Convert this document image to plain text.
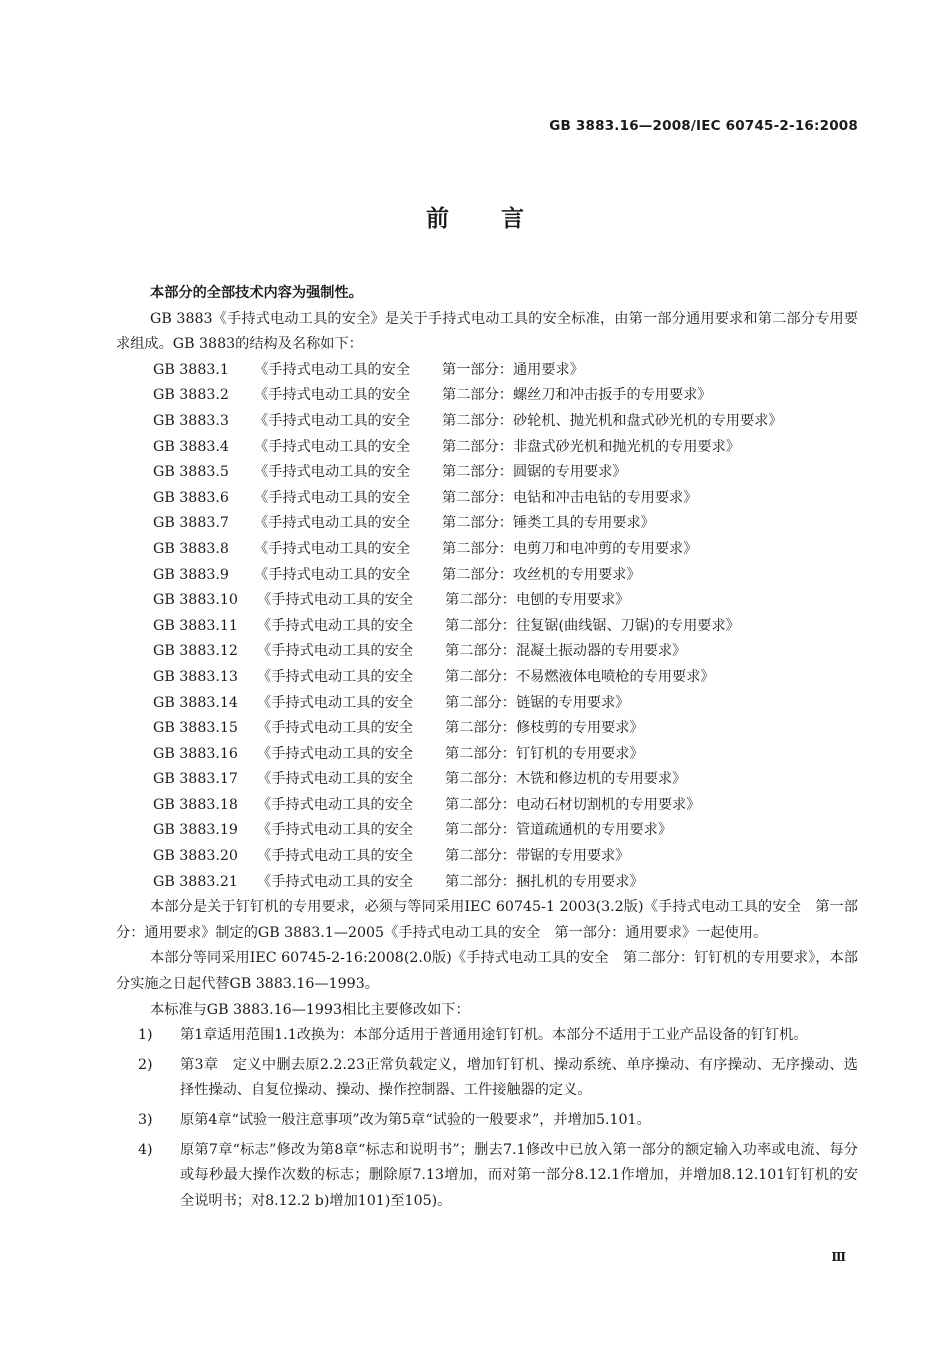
GB 3883.16—2008/IEC 60745-2-16:2008
前言

本部分的全部技术内容为强制性。

GB 3883《手持式电动工具的安全》是关于手持式电动工具的安全标准，由第一部分通用要求和第二部分专用要求组成。GB 3883的结构及名称如下：

GB 3883.1	《手持式电动工具的安全	第一部分：通用要求》
GB 3883.2	《手持式电动工具的安全	第二部分：螺丝刀和冲击扳手的专用要求》
GB 3883.3	《手持式电动工具的安全	第二部分：砂轮机、抛光机和盘式砂光机的专用要求》
GB 3883.4	《手持式电动工具的安全	第二部分：非盘式砂光机和抛光机的专用要求》
GB 3883.5	《手持式电动工具的安全	第二部分：圆锯的专用要求》
GB 3883.6	《手持式电动工具的安全	第二部分：电钻和冲击电钻的专用要求》
GB 3883.7	《手持式电动工具的安全	第二部分：锤类工具的专用要求》
GB 3883.8	《手持式电动工具的安全	第二部分：电剪刀和电冲剪的专用要求》
GB 3883.9	《手持式电动工具的安全	第二部分：攻丝机的专用要求》
GB 3883.10	《手持式电动工具的安全	第二部分：电刨的专用要求》
GB 3883.11	《手持式电动工具的安全	第二部分：往复锯(曲线锯、刀锯)的专用要求》
GB 3883.12	《手持式电动工具的安全	第二部分：混凝土振动器的专用要求》
GB 3883.13	《手持式电动工具的安全	第二部分：不易燃液体电喷枪的专用要求》
GB 3883.14	《手持式电动工具的安全	第二部分：链锯的专用要求》
GB 3883.15	《手持式电动工具的安全	第二部分：修枝剪的专用要求》
GB 3883.16	《手持式电动工具的安全	第二部分：钉钉机的专用要求》
GB 3883.17	《手持式电动工具的安全	第二部分：木铣和修边机的专用要求》
GB 3883.18	《手持式电动工具的安全	第二部分：电动石材切割机的专用要求》
GB 3883.19	《手持式电动工具的安全	第二部分：管道疏通机的专用要求》
GB 3883.20	《手持式电动工具的安全	第二部分：带锯的专用要求》
GB 3883.21	《手持式电动工具的安全	第二部分：捆扎机的专用要求》

本部分是关于钉钉机的专用要求，必须与等同采用IEC 60745-1 2003(3.2版)《手持式电动工具的安全　第一部分：通用要求》制定的GB 3883.1—2005《手持式电动工具的安全　第一部分：通用要求》一起使用。

本部分等同采用IEC 60745-2-16:2008(2.0版)《手持式电动工具的安全　第二部分：钉钉机的专用要求》，本部分实施之日起代替GB 3883.16—1993。

本标准与GB 3883.16—1993相比主要修改如下：

1)	第1章适用范围1.1改换为：本部分适用于普通用途钉钉机。本部分不适用于工业产品设备的钉钉机。
2)	第3章　定义中删去原2.2.23正常负载定义，增加钉钉机、操动系统、单序操动、有序操动、无序操动、选择性操动、自复位操动、操动、操作控制器、工件接触器的定义。
3)	原第4章“试验一般注意事项”改为第5章“试验的一般要求”，并增加5.101。
4)	原第7章“标志”修改为第8章“标志和说明书”；删去7.1修改中已放入第一部分的额定输入功率或电流、每分或每秒最大操作次数的标志；删除原7.13增加，而对第一部分8.12.1作增加，并增加8.12.101钉钉机的安全说明书；对8.12.2 b)增加101)至105)。
Ⅲ
